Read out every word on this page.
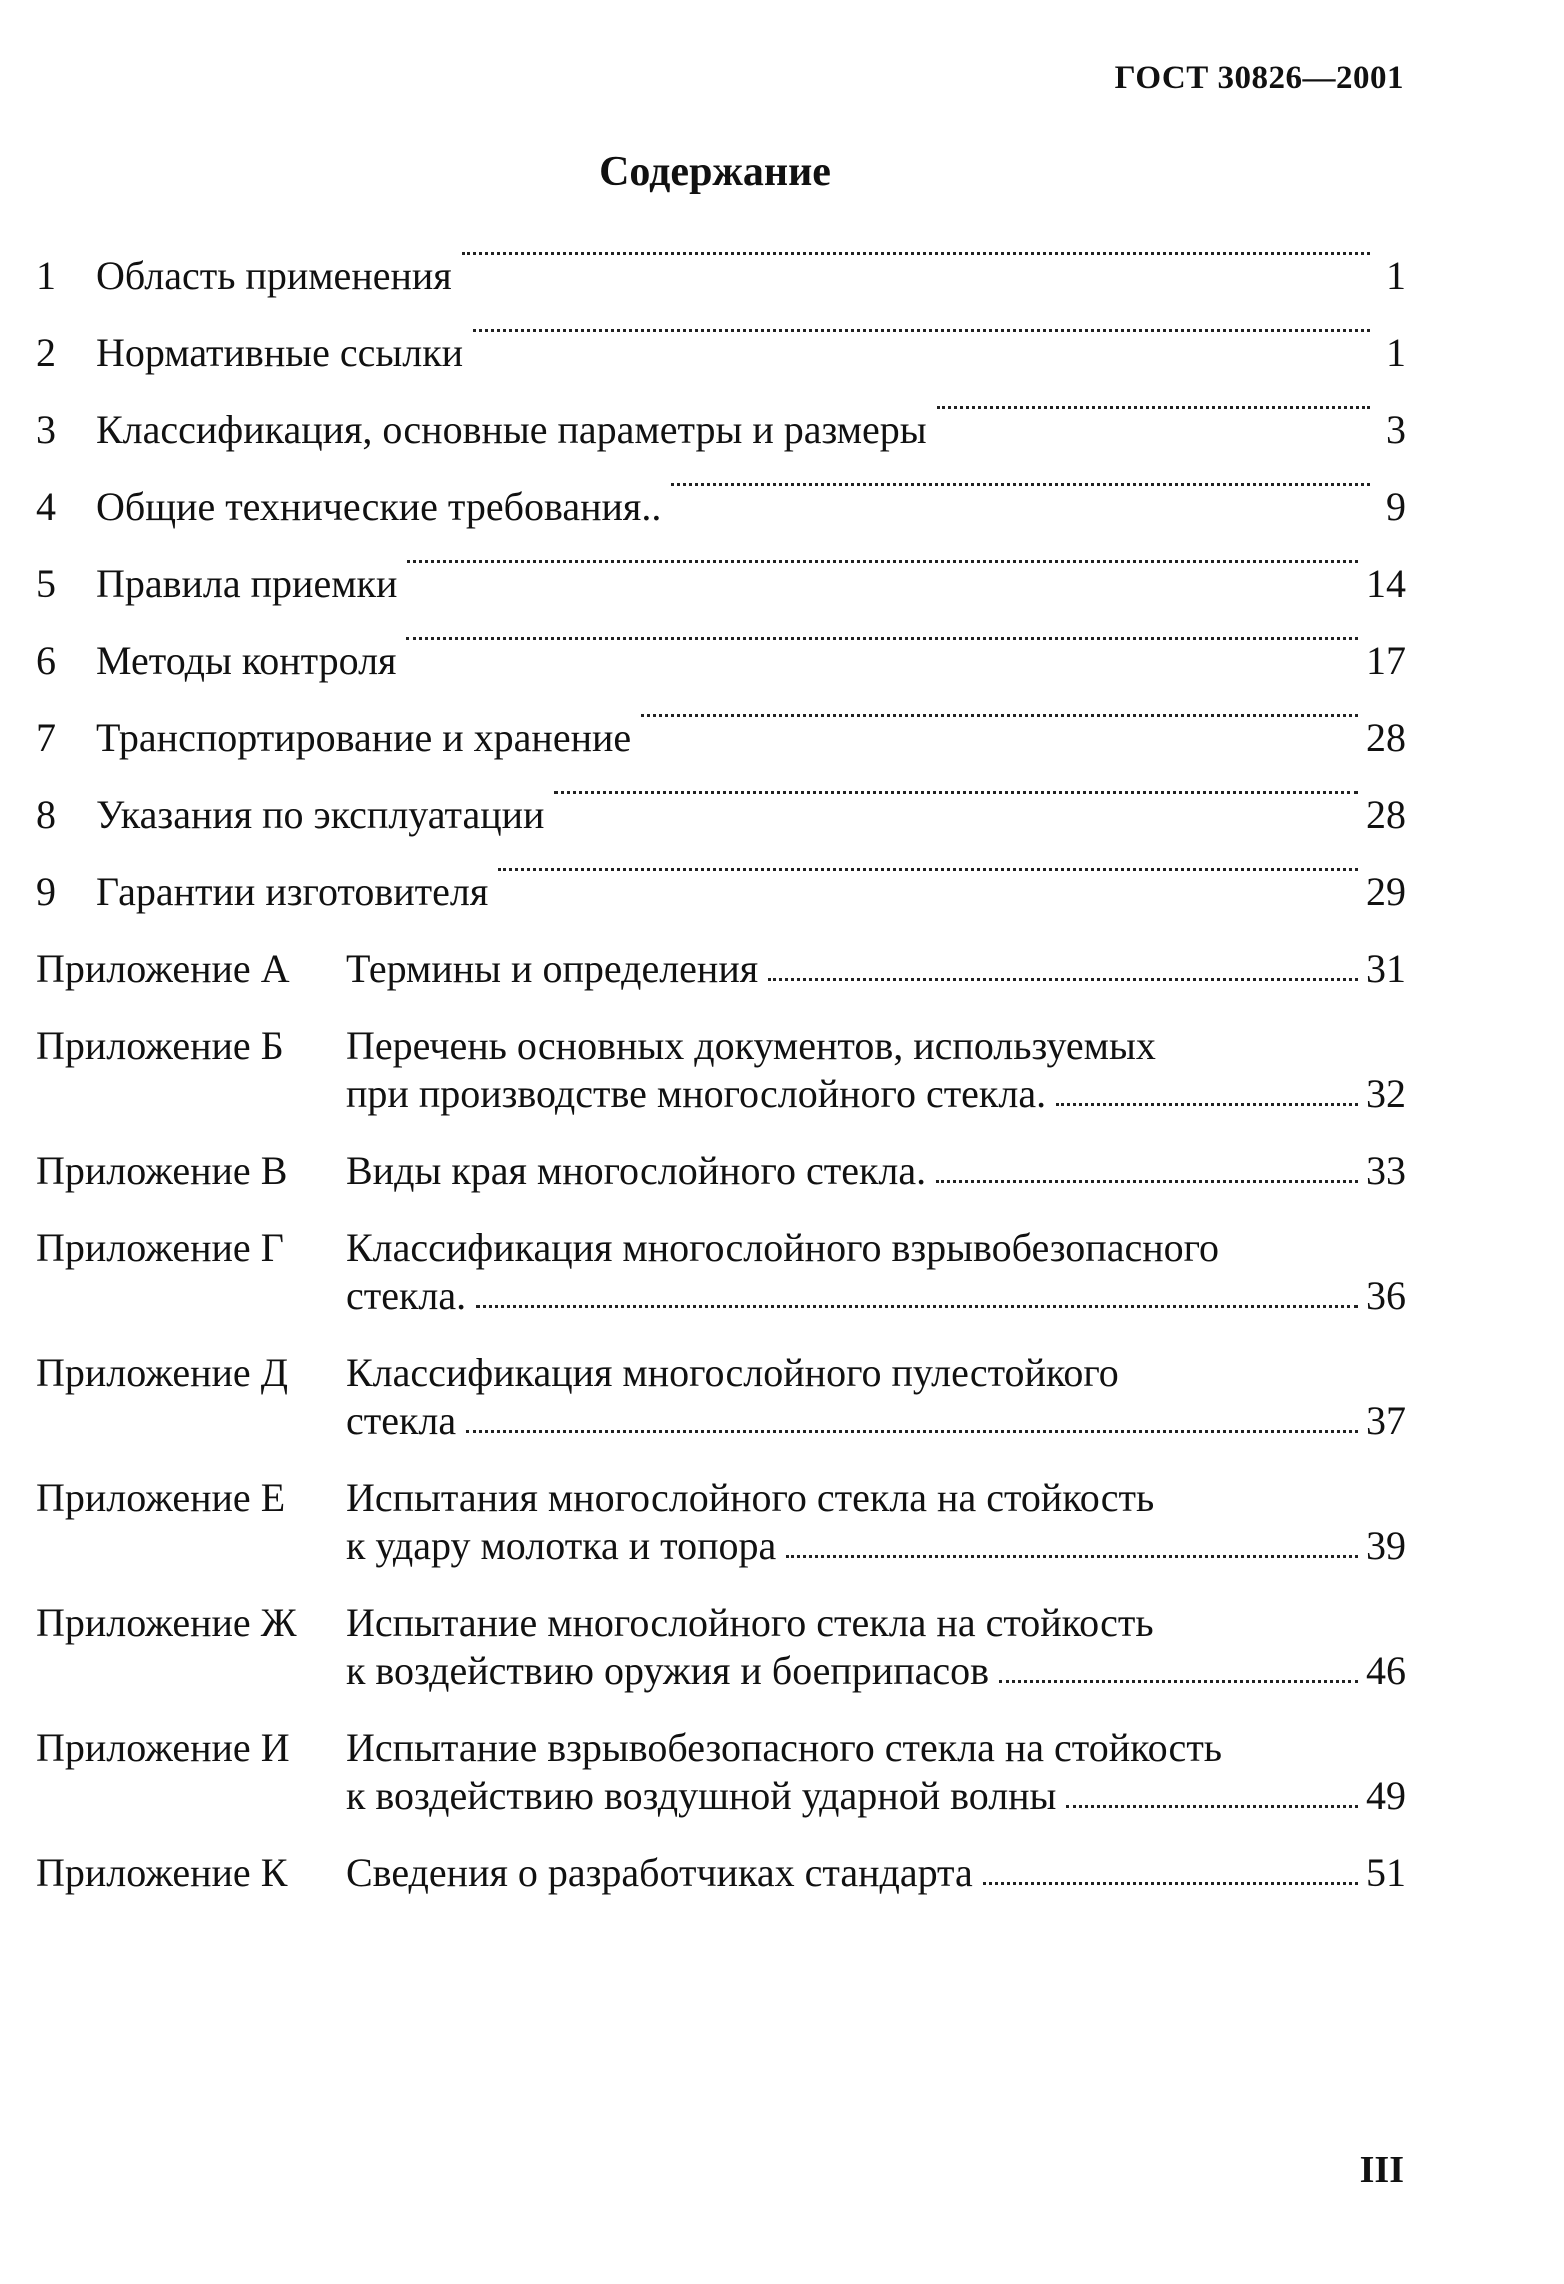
ГОСТ 30826—2001
Содержание
1	Область применения	1
2	Нормативные ссылки	1
3	Классификация, основные параметры и размеры	3
4	Общие технические требования..	9
5	Правила приемки	14
6	Методы контроля	17
7	Транспортирование и хранение	28
8	Указания по эксплуатации	28
9	Гарантии изготовителя	29
Приложение А	Термины и определения	31
Приложение Б	Перечень основных документов, используемых
при производстве многослойного стекла.	32
Приложение В	Виды края многослойного стекла.	33
Приложение Г	Классификация многослойного взрывобезопасного
стекла.	36
Приложение Д	Классификация многослойного пулестойкого
стекла	37
Приложение Е	Испытания многослойного стекла на стойкость
к удару молотка и топора	39
Приложение Ж	Испытание многослойного стекла на стойкость
к воздействию оружия и боеприпасов	46
Приложение И	Испытание взрывобезопасного стекла на стойкость
к воздействию воздушной ударной волны	49
Приложение К	Сведения о разработчиках стандарта	51
III
